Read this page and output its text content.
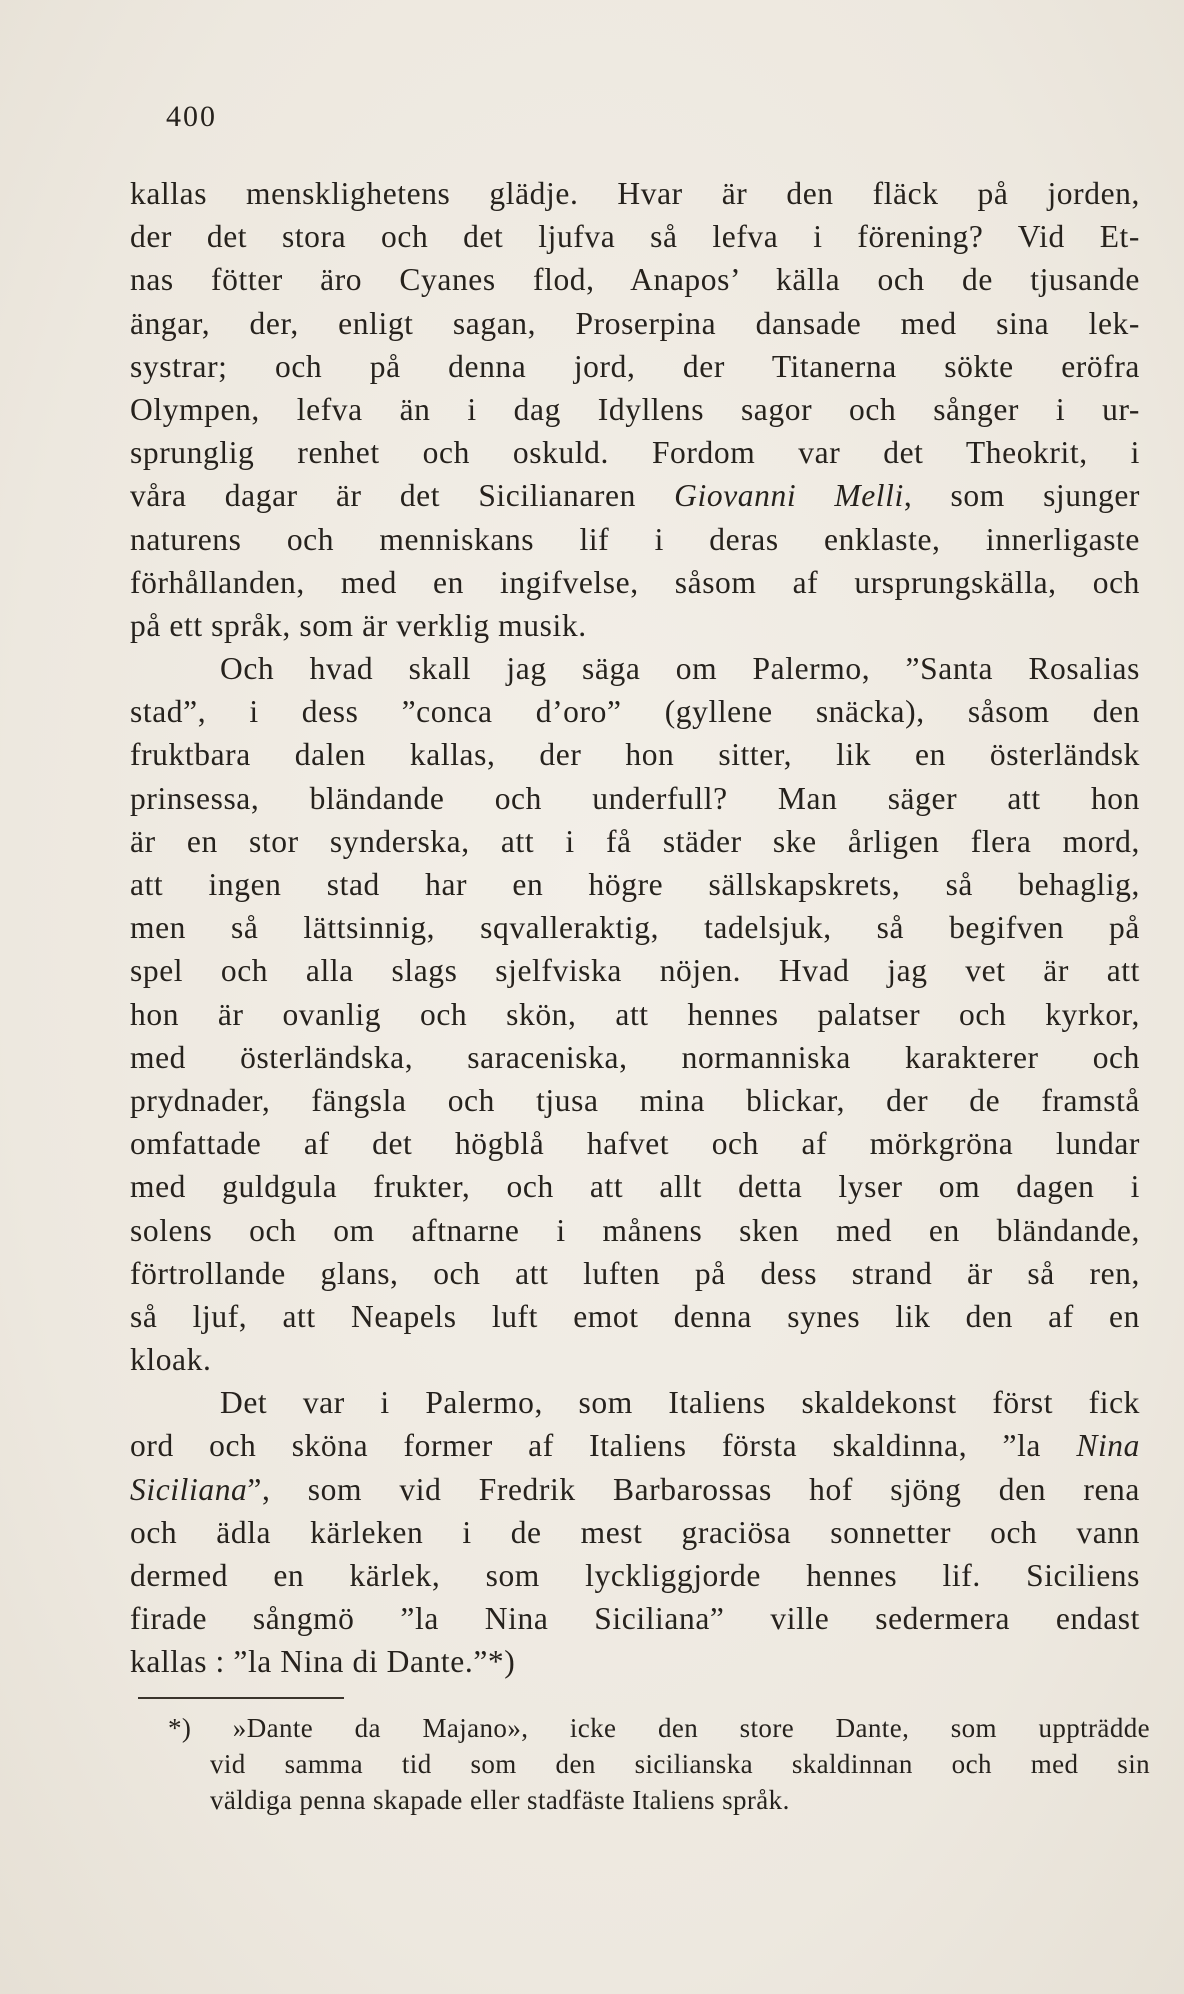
400
kallas mensklighetens glädje. Hvar är den fläck på jorden,
der det stora och det ljufva så lefva i förening? Vid Et-
nas fötter äro Cyanes flod, Anapos’ källa och de tjusande
ängar, der, enligt sagan, Proserpina dansade med sina lek-
systrar; och på denna jord, der Titanerna sökte eröfra
Olympen, lefva än i dag Idyllens sagor och sånger i ur-
sprunglig renhet och oskuld. Fordom var det Theokrit, i
våra dagar är det Sicilianaren Giovanni Melli, som sjunger
naturens och menniskans lif i deras enklaste, innerligaste
förhållanden, med en ingifvelse, såsom af ursprungskälla, och
på ett språk, som är verklig musik.
Och hvad skall jag säga om Palermo, ”Santa Rosalias
stad”, i dess ”conca d’oro” (gyllene snäcka), såsom den
fruktbara dalen kallas, der hon sitter, lik en österländsk
prinsessa, bländande och underfull? Man säger att hon
är en stor synderska, att i få städer ske årligen flera mord,
att ingen stad har en högre sällskapskrets, så behaglig,
men så lättsinnig, sqvalleraktig, tadelsjuk, så begifven på
spel och alla slags sjelfviska nöjen. Hvad jag vet är att
hon är ovanlig och skön, att hennes palatser och kyrkor,
med österländska, saraceniska, normanniska karakterer och
prydnader, fängsla och tjusa mina blickar, der de framstå
omfattade af det högblå hafvet och af mörkgröna lundar
med guldgula frukter, och att allt detta lyser om dagen i
solens och om aftnarne i månens sken med en bländande,
förtrollande glans, och att luften på dess strand är så ren,
så ljuf, att Neapels luft emot denna synes lik den af en
kloak.
Det var i Palermo, som Italiens skaldekonst först fick
ord och sköna former af Italiens första skaldinna, ”la Nina
Siciliana”, som vid Fredrik Barbarossas hof sjöng den rena
och ädla kärleken i de mest graciösa sonnetter och vann
dermed en kärlek, som lyckliggjorde hennes lif. Siciliens
firade sångmö ”la Nina Siciliana” ville sedermera endast
kallas : ”la Nina di Dante.”*)
*) »Dante da Majano», icke den store Dante, som uppträdde
vid samma tid som den sicilianska skaldinnan och med sin
väldiga penna skapade eller stadfäste Italiens språk.
